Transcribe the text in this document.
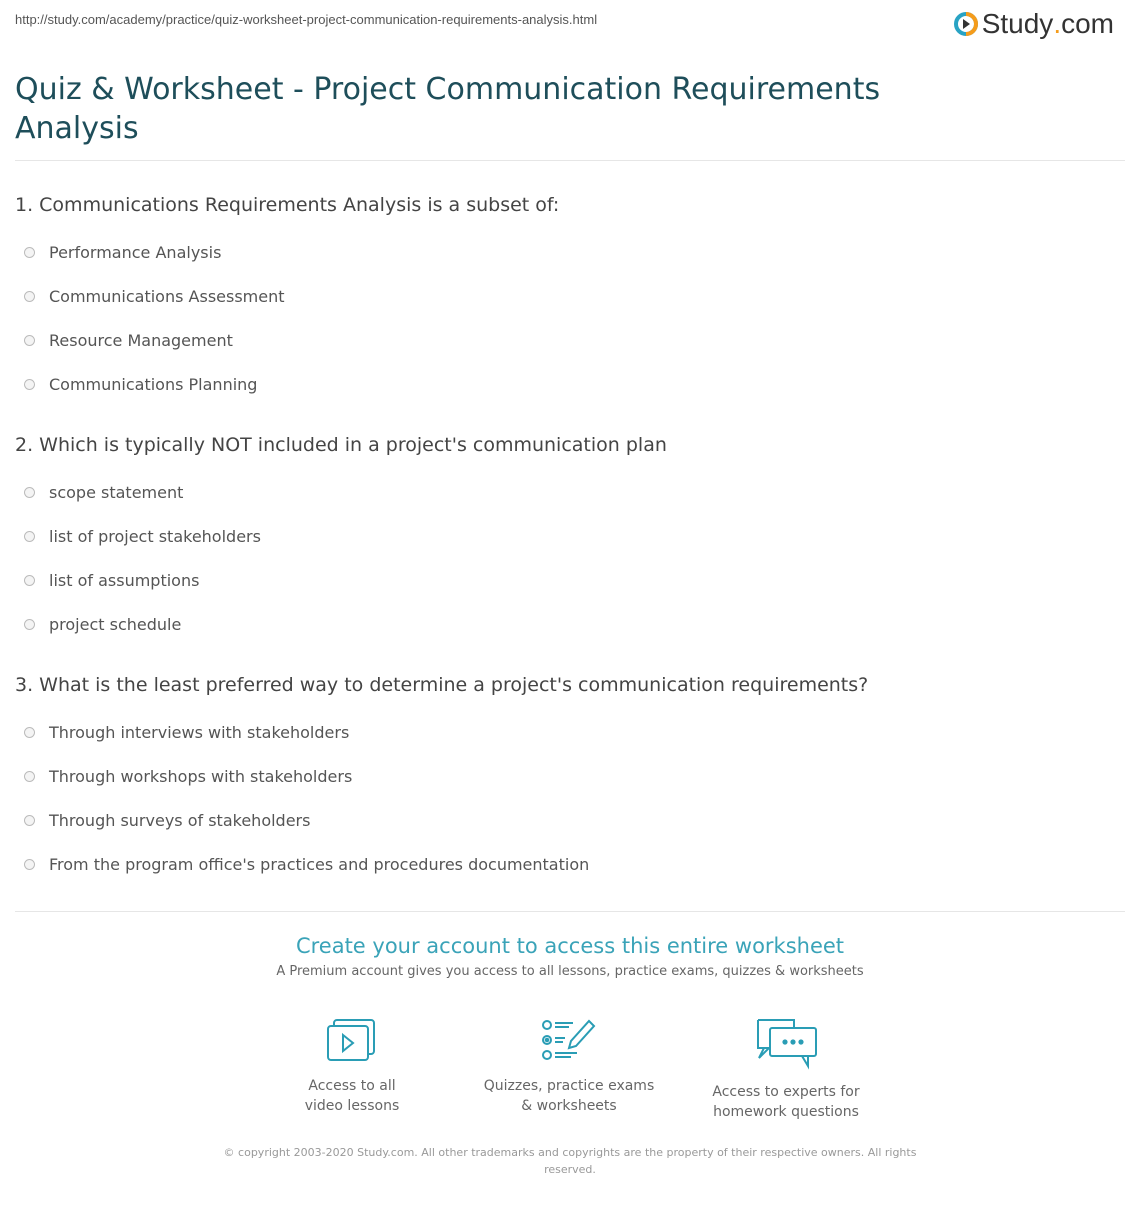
http://study.com/academy/practice/quiz-worksheet-project-communication-requirements-analysis.html	Study . com
Quiz & Worksheet - Project Communication Requirements Analysis
1. Communications Requirements Analysis is a subset of:
Performance Analysis
Communications Assessment
Resource Management
Communications Planning
2. Which is typically NOT included in a project's communication plan
scope statement
list of project stakeholders
list of assumptions
project schedule
3. What is the least preferred way to determine a project's communication requirements?
Through interviews with stakeholders
Through workshops with stakeholders
Through surveys of stakeholders
From the program office's practices and procedures documentation
Create your account to access this entire worksheet

A Premium account gives you access to all lessons, practice exams, quizzes & worksheets

Access to all
video lessons
Quizzes, practice exams
& worksheets
Access to experts for
homework questions
© copyright 2003-2020 Study.com. All other trademarks and copyrights are the property of their respective owners. All rights reserved.
